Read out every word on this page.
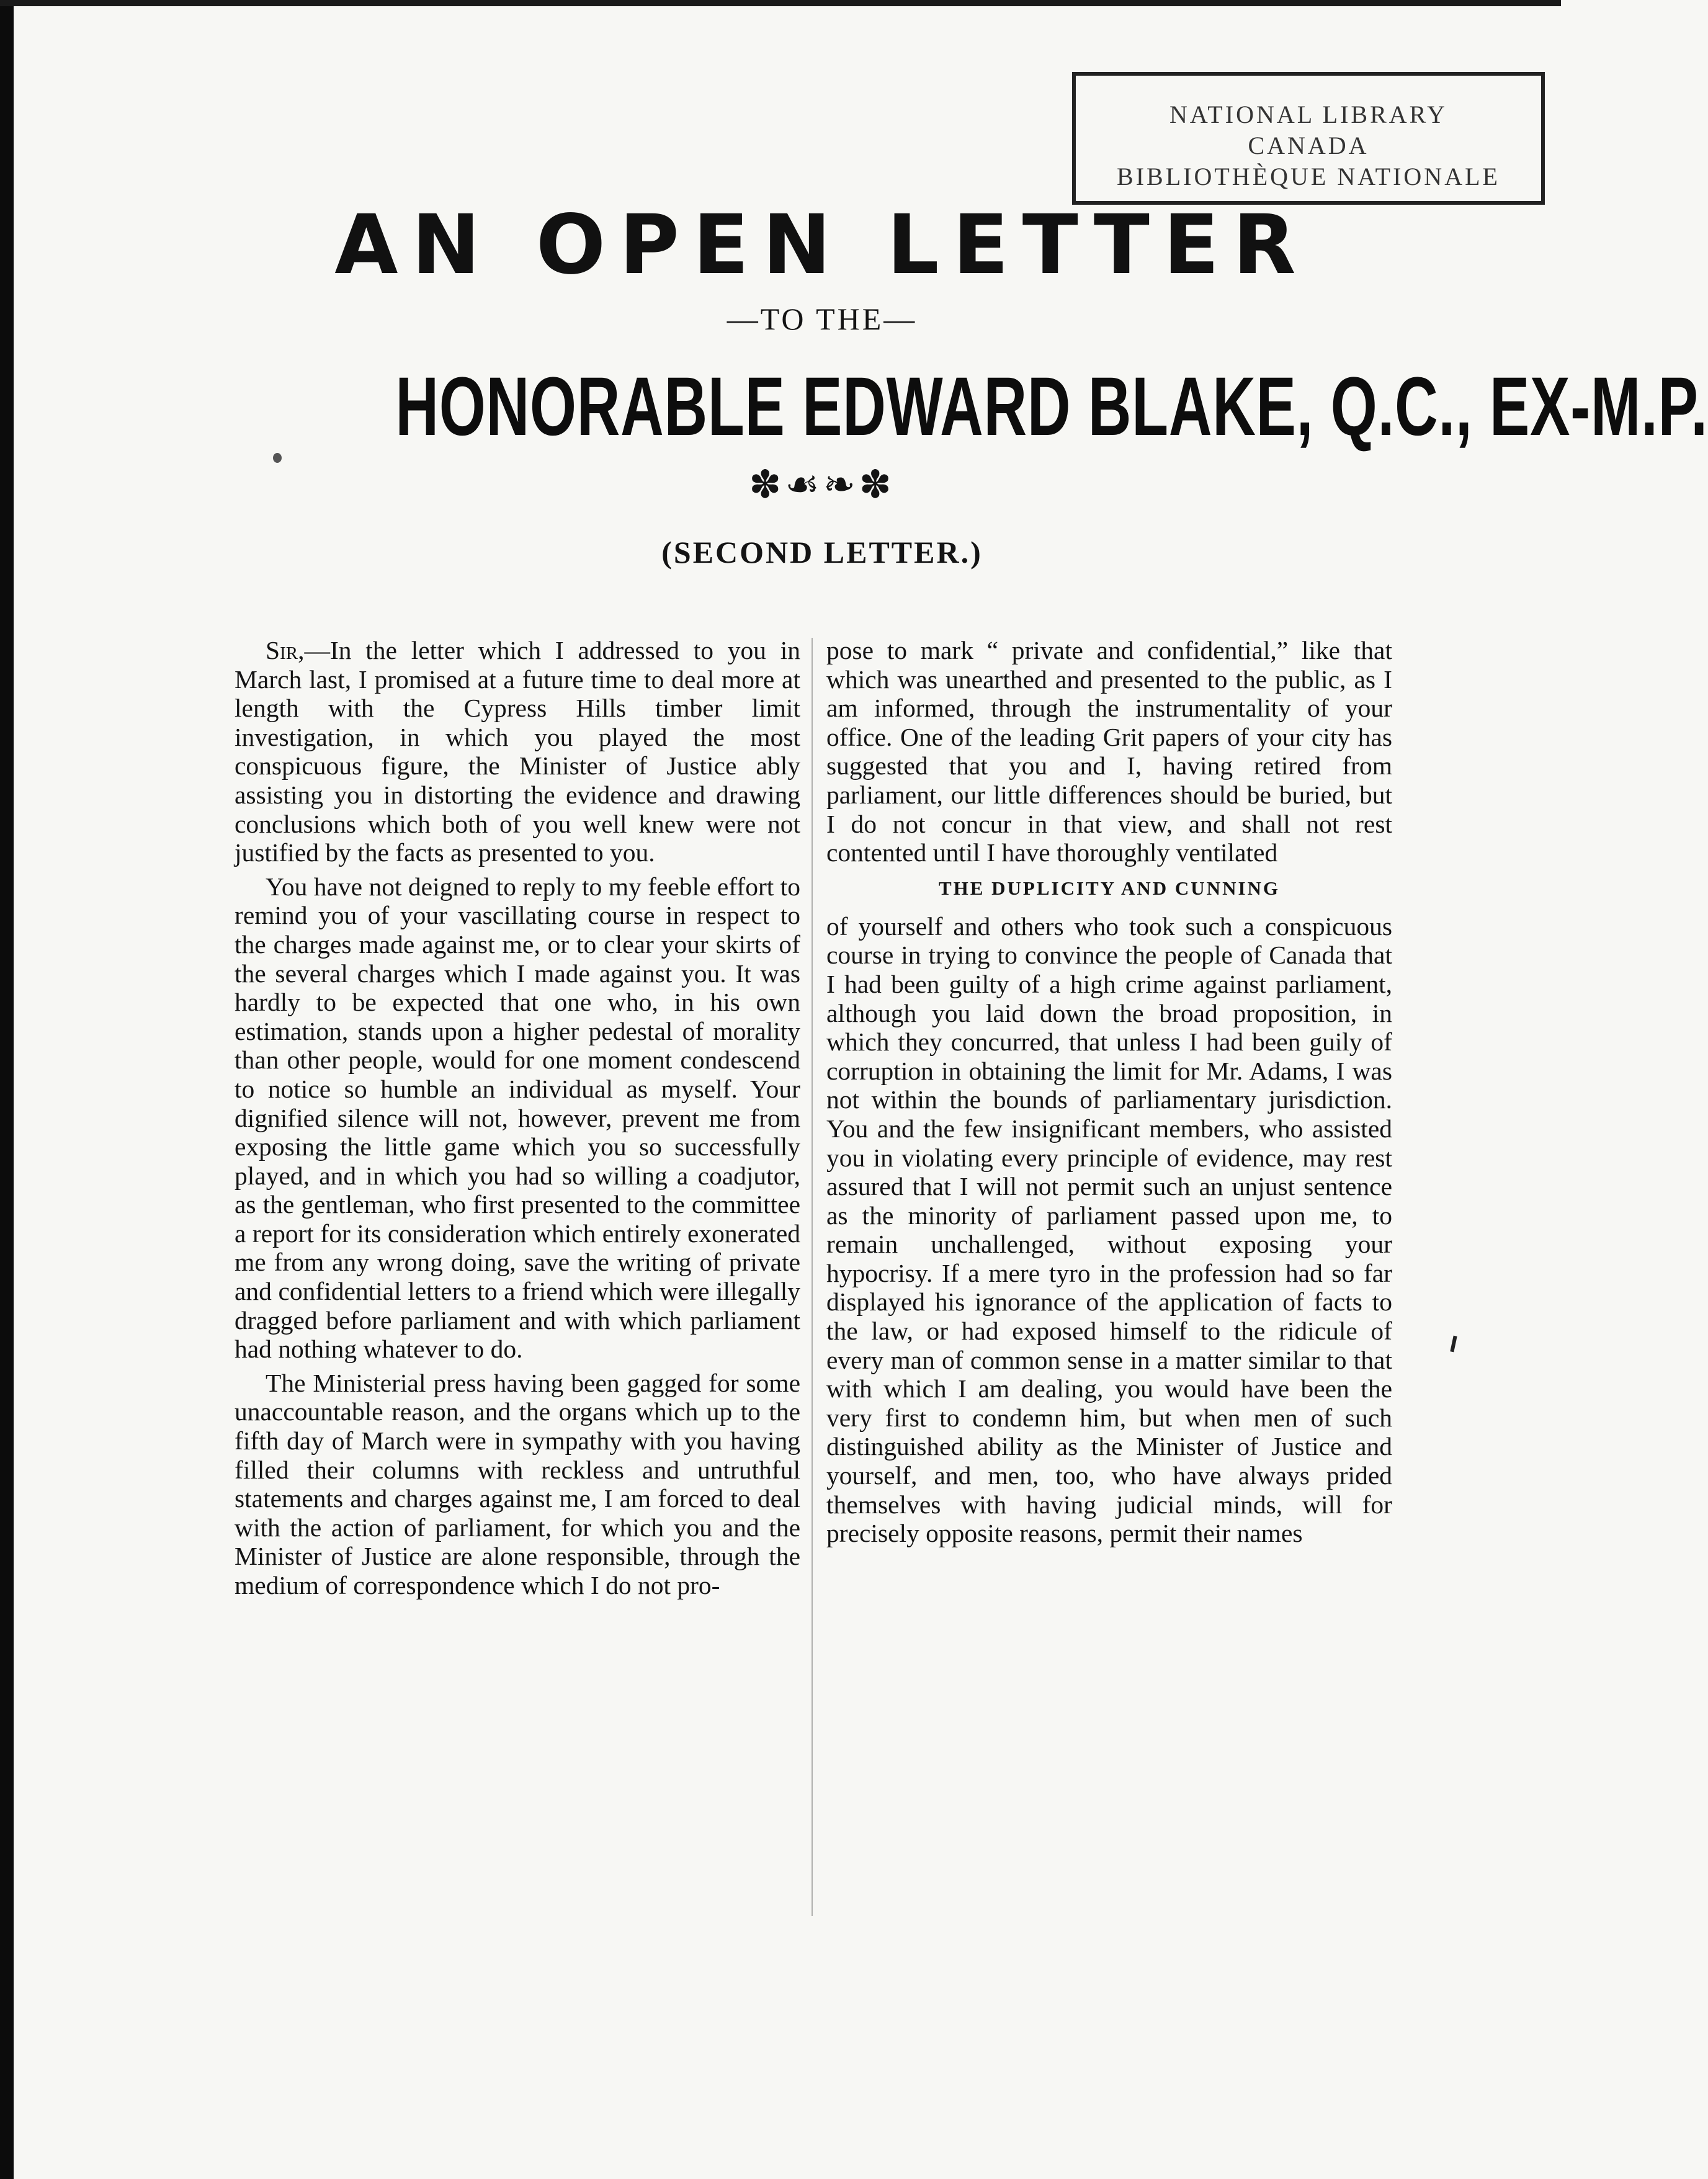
NATIONAL LIBRARY
CANADA
BIBLIOTHÈQUE NATIONALE
AN OPEN LETTER
—TO THE—
HONORABLE EDWARD BLAKE, Q.C., EX-M.P.
✽☙❧✽
(SECOND LETTER.)

Sir,—In the letter which I addressed to you in March last, I promised at a future time to deal more at length with the Cypress Hills timber limit investigation, in which you played the most conspicuous figure, the Minister of Justice ably assisting you in distorting the evidence and drawing conclusions which both of you well knew were not justified by the facts as presented to you.

You have not deigned to reply to my feeble effort to remind you of your vascillating course in respect to the charges made against me, or to clear your skirts of the several charges which I made against you. It was hardly to be expected that one who, in his own estimation, stands upon a higher pedestal of morality than other people, would for one moment condescend to notice so humble an individual as myself. Your dignified silence will not, however, prevent me from exposing the little game which you so successfully played, and in which you had so willing a coadjutor, as the gentleman, who first presented to the committee a report for its consideration which entirely exonerated me from any wrong doing, save the writing of private and confidential letters to a friend which were illegally dragged before parliament and with which parliament had nothing whatever to do.

The Ministerial press having been gagged for some unaccountable reason, and the organs which up to the fifth day of March were in sympathy with you having filled their columns with reckless and untruthful statements and charges against me, I am forced to deal with the action of parliament, for which you and the Minister of Justice are alone responsible, through the medium of correspondence which I do not pro-

pose to mark “ private and confidential,” like that which was unearthed and presented to the public, as I am informed, through the instrumentality of your office. One of the leading Grit papers of your city has suggested that you and I, having retired from parliament, our little differences should be buried, but I do not concur in that view, and shall not rest contented until I have thoroughly ventilated

THE DUPLICITY AND CUNNING

of yourself and others who took such a conspicuous course in trying to convince the people of Canada that I had been guilty of a high crime against parliament, although you laid down the broad proposition, in which they concurred, that unless I had been guily of corruption in obtaining the limit for Mr. Adams, I was not within the bounds of parliamentary jurisdiction. You and the few insignificant members, who assisted you in violating every principle of evidence, may rest assured that I will not permit such an unjust sentence as the minority of parliament passed upon me, to remain unchallenged, without exposing your hypocrisy. If a mere tyro in the profession had so far displayed his ignorance of the application of facts to the law, or had exposed himself to the ridicule of every man of common sense in a matter similar to that with which I am dealing, you would have been the very first to condemn him, but when men of such distinguished ability as the Minister of Justice and yourself, and men, too, who have always prided themselves with having judicial minds, will for precisely opposite reasons, permit their names
